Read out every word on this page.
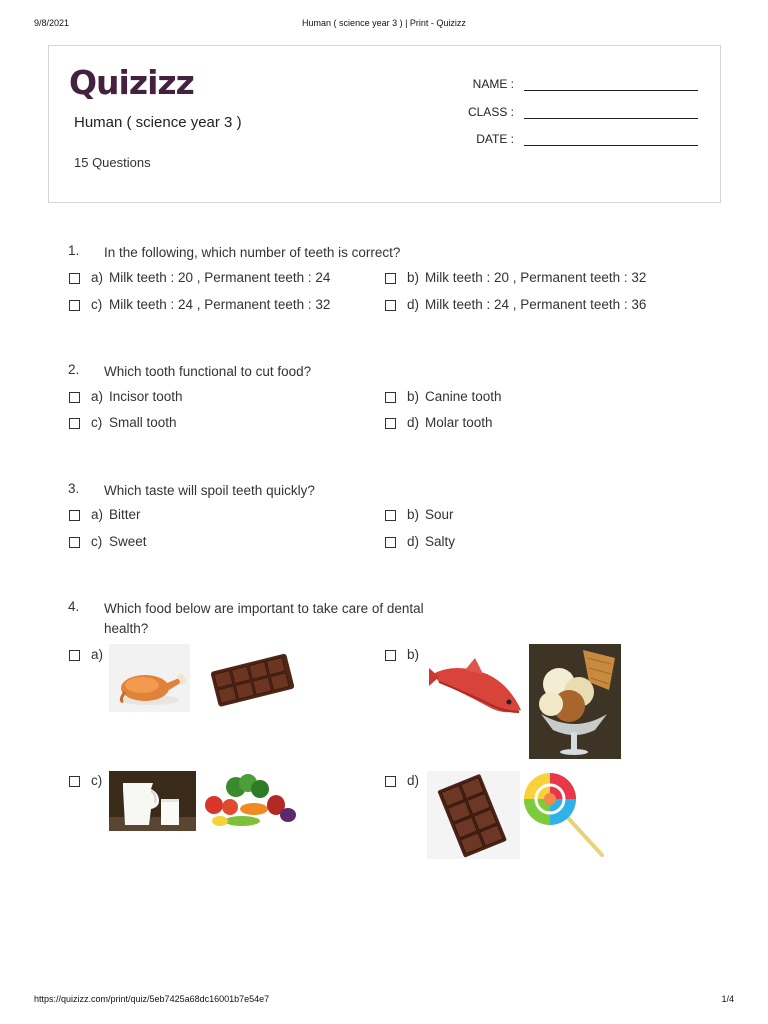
9/8/2021	Human ( science year 3 ) | Print - Quizizz
Quizizz
Human ( science year 3 )
15 Questions
NAME :
CLASS :
DATE :
1. In the following, which number of teeth is correct?
a) Milk teeth : 20 , Permanent teeth : 24	b) Milk teeth : 20 , Permanent teeth : 32
c) Milk teeth : 24 , Permanent teeth : 32	d) Milk teeth : 24 , Permanent teeth : 36
2. Which tooth functional to cut food?
a) Incisor tooth	b) Canine tooth
c) Small tooth	d) Molar tooth
3. Which taste will spoil teeth quickly?
a) Bitter	b) Sour
c) Sweet	d) Salty
4. Which food below are important to take care of dental health?
a)	b)
c)	d)
https://quizizz.com/print/quiz/5eb7425a68dc16001b7e54e7	1/4
